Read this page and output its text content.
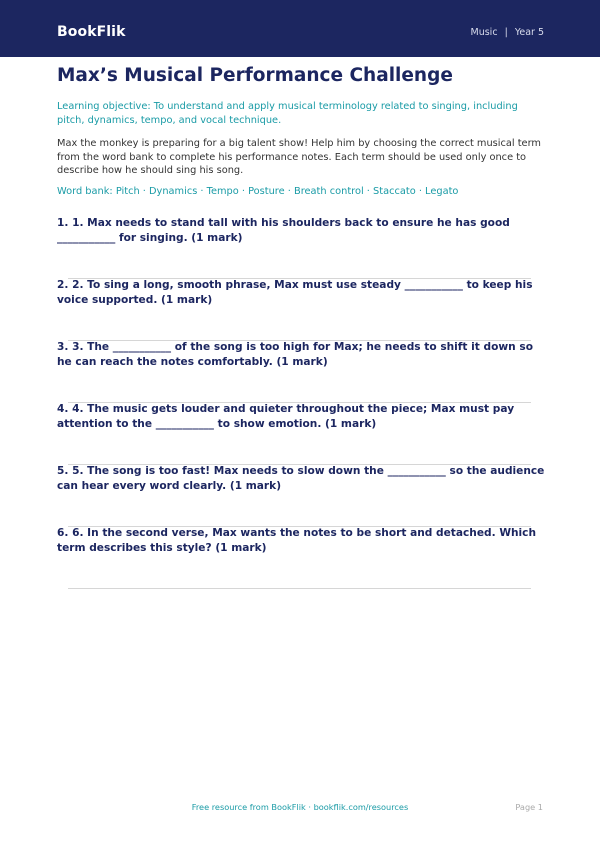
BookFlik	Music | Year 5
Max’s Musical Performance Challenge

Learning objective: To understand and apply musical terminology related to singing, including pitch, dynamics, tempo, and vocal technique.

Max the monkey is preparing for a big talent show! Help him by choosing the correct musical term from the word bank to complete his performance notes. Each term should be used only once to describe how he should sing his song.

Word bank: Pitch · Dynamics · Tempo · Posture · Breath control · Staccato · Legato

1. 1. Max needs to stand tall with his shoulders back to ensure he has good ___________ for singing. (1 mark)

2. 2. To sing a long, smooth phrase, Max must use steady ___________ to keep his voice supported. (1 mark)

3. 3. The ___________ of the song is too high for Max; he needs to shift it down so he can reach the notes comfortably. (1 mark)

4. 4. The music gets louder and quieter throughout the piece; Max must pay attention to the ___________ to show emotion. (1 mark)

5. 5. The song is too fast! Max needs to slow down the ___________ so the audience can hear every word clearly. (1 mark)

6. 6. In the second verse, Max wants the notes to be short and detached. Which term describes this style? (1 mark)

Free resource from BookFlik · bookflik.com/resources	Page 1
